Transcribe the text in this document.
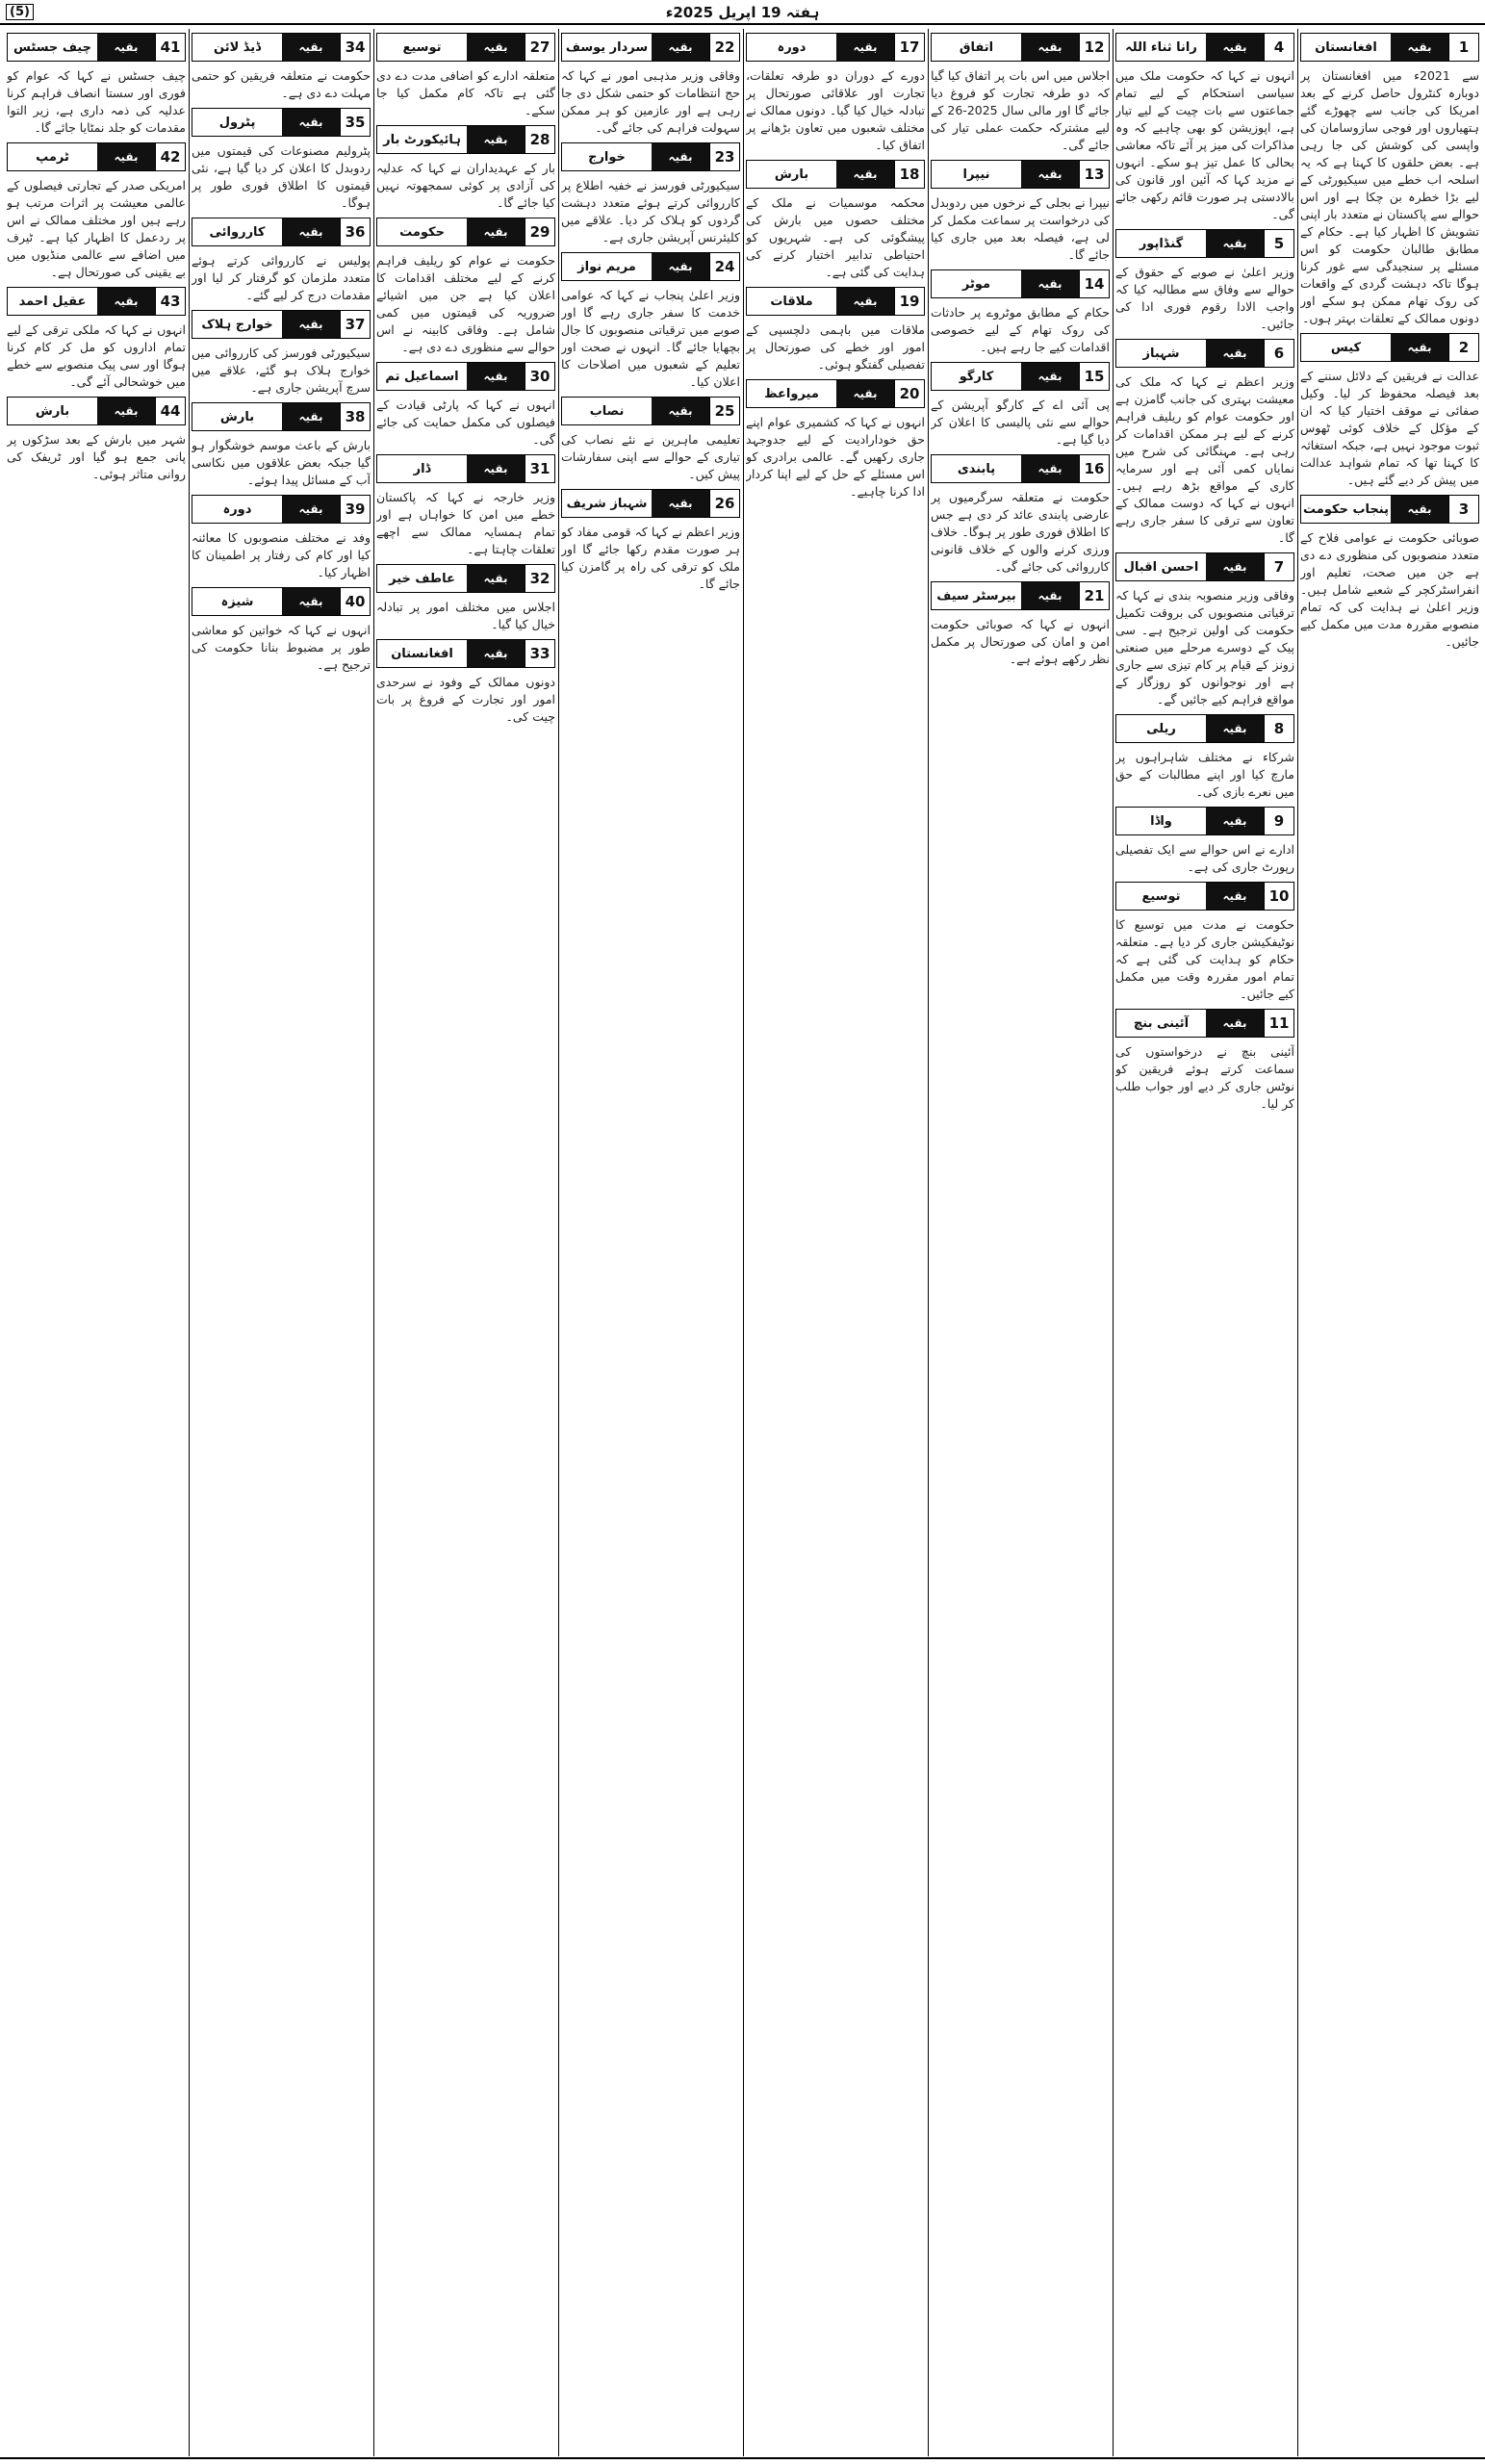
(5)	ہفتہ 19 اپریل 2025ء
1
بقیہ
افغانستان

سے 2021ء میں افغانستان پر دوبارہ کنٹرول حاصل کرنے کے بعد امریکا کی جانب سے چھوڑے گئے ہتھیاروں اور فوجی سازوسامان کی واپسی کی کوشش کی جا رہی ہے۔ بعض حلقوں کا کہنا ہے کہ یہ اسلحہ اب خطے میں سیکیورٹی کے لیے بڑا خطرہ بن چکا ہے اور اس حوالے سے پاکستان نے متعدد بار اپنی تشویش کا اظہار کیا ہے۔ حکام کے مطابق طالبان حکومت کو اس مسئلے پر سنجیدگی سے غور کرنا ہوگا تاکہ دہشت گردی کے واقعات کی روک تھام ممکن ہو سکے اور دونوں ممالک کے تعلقات بہتر ہوں۔

2
بقیہ
کیس

عدالت نے فریقین کے دلائل سننے کے بعد فیصلہ محفوظ کر لیا۔ وکیل صفائی نے موقف اختیار کیا کہ ان کے مؤکل کے خلاف کوئی ٹھوس ثبوت موجود نہیں ہے، جبکہ استغاثہ کا کہنا تھا کہ تمام شواہد عدالت میں پیش کر دیے گئے ہیں۔

3
بقیہ
پنجاب حکومت

صوبائی حکومت نے عوامی فلاح کے متعدد منصوبوں کی منظوری دے دی ہے جن میں صحت، تعلیم اور انفراسٹرکچر کے شعبے شامل ہیں۔ وزیر اعلیٰ نے ہدایت کی کہ تمام منصوبے مقررہ مدت میں مکمل کیے جائیں۔

4
بقیہ
رانا ثناء اللہ

انہوں نے کہا کہ حکومت ملک میں سیاسی استحکام کے لیے تمام جماعتوں سے بات چیت کے لیے تیار ہے، اپوزیشن کو بھی چاہیے کہ وہ مذاکرات کی میز پر آئے تاکہ معاشی بحالی کا عمل تیز ہو سکے۔ انہوں نے مزید کہا کہ آئین اور قانون کی بالادستی ہر صورت قائم رکھی جائے گی۔

5
بقیہ
گنڈاپور

وزیر اعلیٰ نے صوبے کے حقوق کے حوالے سے وفاق سے مطالبہ کیا کہ واجب الادا رقوم فوری ادا کی جائیں۔

6
بقیہ
شہباز

وزیر اعظم نے کہا کہ ملک کی معیشت بہتری کی جانب گامزن ہے اور حکومت عوام کو ریلیف فراہم کرنے کے لیے ہر ممکن اقدامات کر رہی ہے۔ مہنگائی کی شرح میں نمایاں کمی آئی ہے اور سرمایہ کاری کے مواقع بڑھ رہے ہیں۔ انہوں نے کہا کہ دوست ممالک کے تعاون سے ترقی کا سفر جاری رہے گا۔

7
بقیہ
احسن اقبال

وفاقی وزیر منصوبہ بندی نے کہا کہ ترقیاتی منصوبوں کی بروقت تکمیل حکومت کی اولین ترجیح ہے۔ سی پیک کے دوسرے مرحلے میں صنعتی زونز کے قیام پر کام تیزی سے جاری ہے اور نوجوانوں کو روزگار کے مواقع فراہم کیے جائیں گے۔

8
بقیہ
ریلی

شرکاء نے مختلف شاہراہوں پر مارچ کیا اور اپنے مطالبات کے حق میں نعرے بازی کی۔

9
بقیہ
واڈا

ادارے نے اس حوالے سے ایک تفصیلی رپورٹ جاری کی ہے۔

10
بقیہ
توسیع

حکومت نے مدت میں توسیع کا نوٹیفکیشن جاری کر دیا ہے۔ متعلقہ حکام کو ہدایت کی گئی ہے کہ تمام امور مقررہ وقت میں مکمل کیے جائیں۔

11
بقیہ
آئینی بنچ

آئینی بنچ نے درخواستوں کی سماعت کرتے ہوئے فریقین کو نوٹس جاری کر دیے اور جواب طلب کر لیا۔

12
بقیہ
اتفاق

اجلاس میں اس بات پر اتفاق کیا گیا کہ دو طرفہ تجارت کو فروغ دیا جائے گا اور مالی سال 2025-26 کے لیے مشترکہ حکمت عملی تیار کی جائے گی۔

13
بقیہ
نیپرا

نیپرا نے بجلی کے نرخوں میں ردوبدل کی درخواست پر سماعت مکمل کر لی ہے، فیصلہ بعد میں جاری کیا جائے گا۔

14
بقیہ
موٹر

حکام کے مطابق موٹروے پر حادثات کی روک تھام کے لیے خصوصی اقدامات کیے جا رہے ہیں۔

15
بقیہ
کارگو

پی آئی اے کے کارگو آپریشن کے حوالے سے نئی پالیسی کا اعلان کر دیا گیا ہے۔

16
بقیہ
پابندی

حکومت نے متعلقہ سرگرمیوں پر عارضی پابندی عائد کر دی ہے جس کا اطلاق فوری طور پر ہوگا۔ خلاف ورزی کرنے والوں کے خلاف قانونی کارروائی کی جائے گی۔

21
بقیہ
بیرسٹر سیف

انہوں نے کہا کہ صوبائی حکومت امن و امان کی صورتحال پر مکمل نظر رکھے ہوئے ہے۔

17
بقیہ
دورہ

دورے کے دوران دو طرفہ تعلقات، تجارت اور علاقائی صورتحال پر تبادلہ خیال کیا گیا۔ دونوں ممالک نے مختلف شعبوں میں تعاون بڑھانے پر اتفاق کیا۔

18
بقیہ
بارش

محکمہ موسمیات نے ملک کے مختلف حصوں میں بارش کی پیشگوئی کی ہے۔ شہریوں کو احتیاطی تدابیر اختیار کرنے کی ہدایت کی گئی ہے۔

19
بقیہ
ملاقات

ملاقات میں باہمی دلچسپی کے امور اور خطے کی صورتحال پر تفصیلی گفتگو ہوئی۔

20
بقیہ
میرواعظ

انہوں نے کہا کہ کشمیری عوام اپنے حق خودارادیت کے لیے جدوجہد جاری رکھیں گے۔ عالمی برادری کو اس مسئلے کے حل کے لیے اپنا کردار ادا کرنا چاہیے۔

22
بقیہ
سردار یوسف

وفاقی وزیر مذہبی امور نے کہا کہ حج انتظامات کو حتمی شکل دی جا رہی ہے اور عازمین کو ہر ممکن سہولت فراہم کی جائے گی۔

23
بقیہ
خوارج

سیکیورٹی فورسز نے خفیہ اطلاع پر کارروائی کرتے ہوئے متعدد دہشت گردوں کو ہلاک کر دیا۔ علاقے میں کلیئرنس آپریشن جاری ہے۔

24
بقیہ
مریم نواز

وزیر اعلیٰ پنجاب نے کہا کہ عوامی خدمت کا سفر جاری رہے گا اور صوبے میں ترقیاتی منصوبوں کا جال بچھایا جائے گا۔ انہوں نے صحت اور تعلیم کے شعبوں میں اصلاحات کا اعلان کیا۔

25
بقیہ
نصاب

تعلیمی ماہرین نے نئے نصاب کی تیاری کے حوالے سے اپنی سفارشات پیش کیں۔

26
بقیہ
شہباز شریف

وزیر اعظم نے کہا کہ قومی مفاد کو ہر صورت مقدم رکھا جائے گا اور ملک کو ترقی کی راہ پر گامزن کیا جائے گا۔

27
بقیہ
توسیع

متعلقہ ادارے کو اضافی مدت دے دی گئی ہے تاکہ کام مکمل کیا جا سکے۔

28
بقیہ
ہائیکورٹ بار

بار کے عہدیداران نے کہا کہ عدلیہ کی آزادی پر کوئی سمجھوتہ نہیں کیا جائے گا۔

29
بقیہ
حکومت

حکومت نے عوام کو ریلیف فراہم کرنے کے لیے مختلف اقدامات کا اعلان کیا ہے جن میں اشیائے ضروریہ کی قیمتوں میں کمی شامل ہے۔ وفاقی کابینہ نے اس حوالے سے منظوری دے دی ہے۔

30
بقیہ
اسماعیل تم

انہوں نے کہا کہ پارٹی قیادت کے فیصلوں کی مکمل حمایت کی جائے گی۔

31
بقیہ
ڈار

وزیر خارجہ نے کہا کہ پاکستان خطے میں امن کا خواہاں ہے اور تمام ہمسایہ ممالک سے اچھے تعلقات چاہتا ہے۔

32
بقیہ
عاطف خیر

اجلاس میں مختلف امور پر تبادلہ خیال کیا گیا۔

33
بقیہ
افغانستان

دونوں ممالک کے وفود نے سرحدی امور اور تجارت کے فروغ پر بات چیت کی۔

34
بقیہ
ڈیڈ لائن

حکومت نے متعلقہ فریقین کو حتمی مہلت دے دی ہے۔

35
بقیہ
پٹرول

پٹرولیم مصنوعات کی قیمتوں میں ردوبدل کا اعلان کر دیا گیا ہے، نئی قیمتوں کا اطلاق فوری طور پر ہوگا۔

36
بقیہ
کارروائی

پولیس نے کارروائی کرتے ہوئے متعدد ملزمان کو گرفتار کر لیا اور مقدمات درج کر لیے گئے۔

37
بقیہ
خوارج ہلاک

سیکیورٹی فورسز کی کارروائی میں خوارج ہلاک ہو گئے، علاقے میں سرچ آپریشن جاری ہے۔

38
بقیہ
بارش

بارش کے باعث موسم خوشگوار ہو گیا جبکہ بعض علاقوں میں نکاسی آب کے مسائل پیدا ہوئے۔

39
بقیہ
دورہ

وفد نے مختلف منصوبوں کا معائنہ کیا اور کام کی رفتار پر اطمینان کا اظہار کیا۔

40
بقیہ
شیزہ

انہوں نے کہا کہ خواتین کو معاشی طور پر مضبوط بنانا حکومت کی ترجیح ہے۔

41
بقیہ
چیف جسٹس

چیف جسٹس نے کہا کہ عوام کو فوری اور سستا انصاف فراہم کرنا عدلیہ کی ذمہ داری ہے، زیر التوا مقدمات کو جلد نمٹایا جائے گا۔

42
بقیہ
ٹرمپ

امریکی صدر کے تجارتی فیصلوں کے عالمی معیشت پر اثرات مرتب ہو رہے ہیں اور مختلف ممالک نے اس پر ردعمل کا اظہار کیا ہے۔ ٹیرف میں اضافے سے عالمی منڈیوں میں بے یقینی کی صورتحال ہے۔

43
بقیہ
عقیل احمد

انہوں نے کہا کہ ملکی ترقی کے لیے تمام اداروں کو مل کر کام کرنا ہوگا اور سی پیک منصوبے سے خطے میں خوشحالی آئے گی۔

44
بقیہ
بارش

شہر میں بارش کے بعد سڑکوں پر پانی جمع ہو گیا اور ٹریفک کی روانی متاثر ہوئی۔
